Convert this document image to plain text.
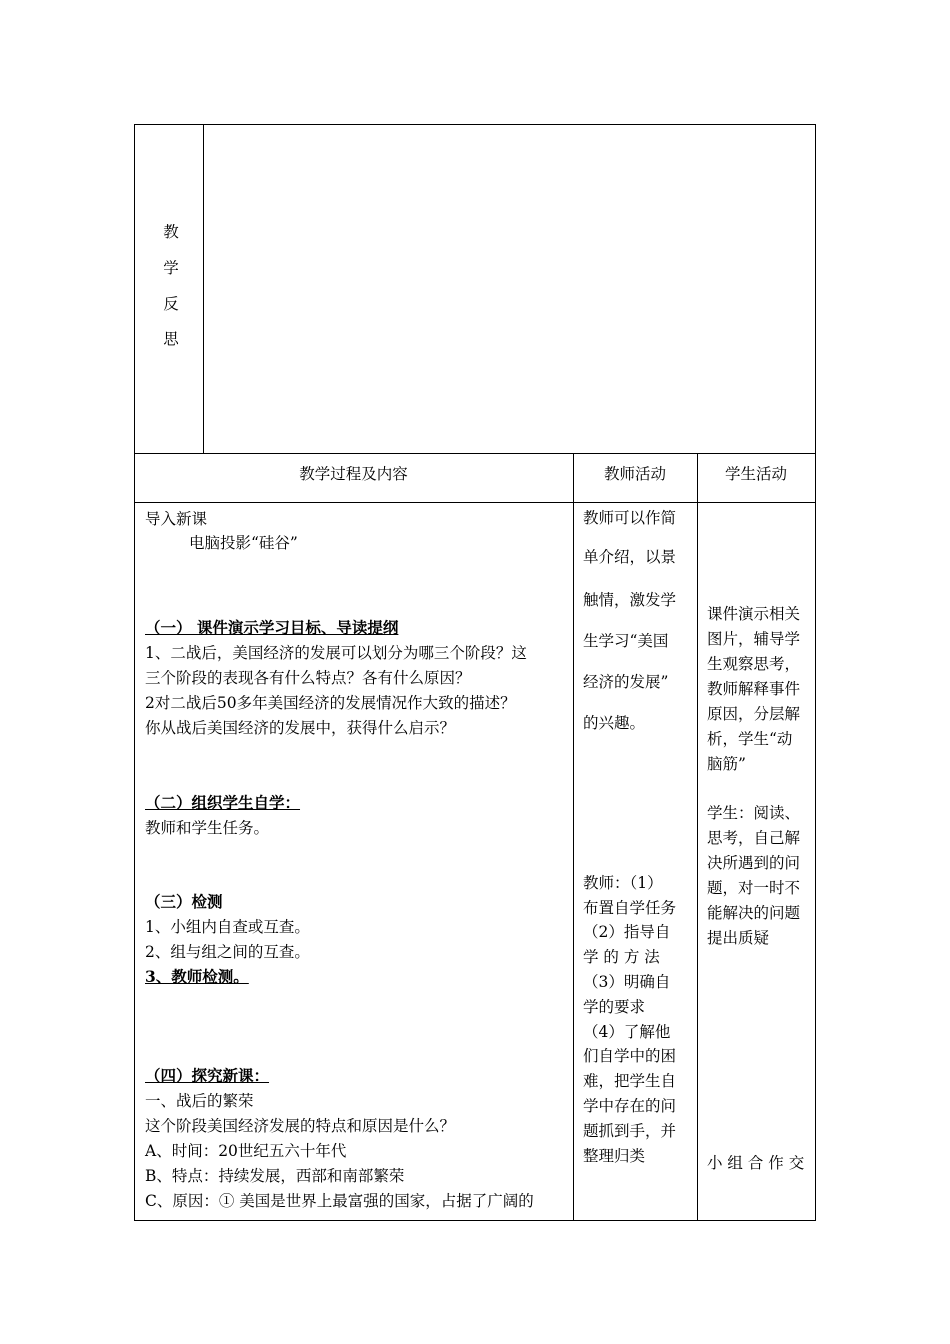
教
学
反
思
教学过程及内容	教师活动	学生活动
导入新课
电脑投影“硅谷”
（一） 课件演示学习目标、导读提纲
1、二战后，美国经济的发展可以划分为哪三个阶段？这
三个阶段的表现各有什么特点？各有什么原因？
2对二战后50多年美国经济的发展情况作大致的描述？
你从战后美国经济的发展中，获得什么启示？
（二）组织学生自学：
教师和学生任务。
（三）检测
1、小组内自查或互查。
2、组与组之间的互查。
3、教师检测。
（四）探究新课：
一、战后的繁荣
这个阶段美国经济发展的特点和原因是什么？
A、时间：20世纪五六十年代
B、特点：持续发展，西部和南部繁荣
C、原因：① 美国是世界上最富强的国家，占据了广阔的
教师可以作简
单介绍，以景
触情，激发学
生学习“美国
经济的发展”
的兴趣。
教师：（1）
布置自学任务
（2）指导自
学 的 方 法
（3）明确自
学的要求
（4）了解他
们自学中的困
难，把学生自
学中存在的问
题抓到手，并
整理归类
课件演示相关
图片，辅导学
生观察思考，
教师解释事件
原因，分层解
析，学生“动
脑筋”
学生：阅读、
思考，自己解
决所遇到的问
题，对一时不
能解决的问题
提出质疑
小 组 合 作 交
